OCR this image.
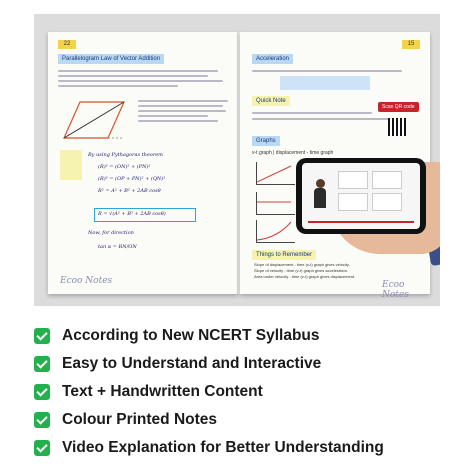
22
Parallelogram Law of Vector Addition
By using Pythagoras theorem
(R)² = (ON)² + (PN)²
(R)² = (OP + PN)² + (QN)²
R² = A² + B² + 2AB cosθ
R = √(A² + B² + 2AB cosθ)
Now, for direction
tan α = BN/ON
Ecoo Notes
15
Acceleration
Quick Note
Scan QR code
Graphs
v-t graph | displacement - time graph
Things to Remember
Slope of displacement - time (x-t) graph gives velocity.
Slope of velocity - time (v-t) graph gives acceleration.
Area under velocity - time (v-t) graph gives displacement.
Ecoo Notes
According to New NCERT Syllabus
Easy to Understand and Interactive
Text + Handwritten Content
Colour Printed Notes
Video Explanation for Better Understanding
